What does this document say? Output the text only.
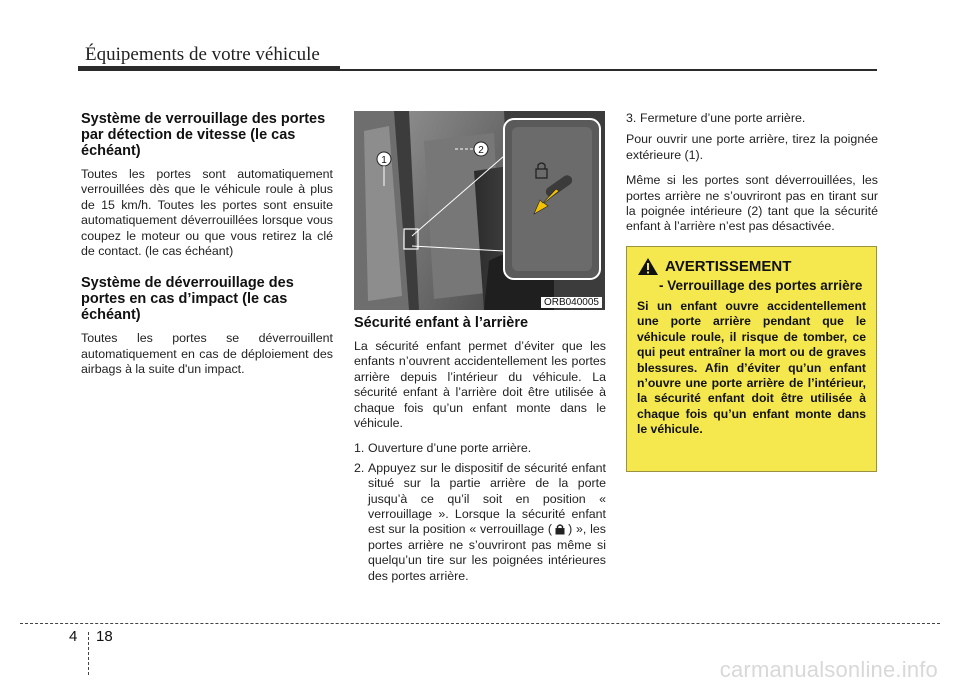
Équipements de votre véhicule
Système de verrouillage des portes par détection de vitesse (le cas échéant)

Toutes les portes sont automatiquement verrouillées dès que le véhicule roule à plus de 15 km/h. Toutes les portes sont ensuite automatiquement déverrouillées lorsque vous coupez le moteur ou que vous retirez la clé de contact. (le cas échéant)

Système de déverrouillage des portes en cas d’impact (le cas échéant)

Toutes les portes se déverrouillent automatiquement en cas de déploiement des airbags à la suite d'un impact.

1
2
ORB040005
Sécurité enfant à l’arrière

La sécurité enfant permet d’éviter que les enfants n’ouvrent accidentellement les portes arrière depuis l’intérieur du véhicule. La sécurité enfant à l’arrière doit être utilisée à chaque fois qu’un enfant monte dans le véhicule.

1. Ouverture d’une porte arrière.
2. Appuyez sur le dispositif de sécurité enfant situé sur la partie arrière de la porte jusqu’à ce qu’il soit en position « verrouillage ». Lorsque la sécurité enfant est sur la position « verrouillage ( ) », les portes arrière ne s’ouvriront pas même si quelqu’un tire sur les poignées intérieures des portes arrière.
3. Fermeture d’une porte arrière.

Pour ouvrir une porte arrière, tirez la poignée extérieure (1).

Même si les portes sont déverrouillées, les portes arrière ne s’ouvriront pas en tirant sur la poignée intérieure (2) tant que la sécurité enfant à l’arrière n’est pas désactivée.

AVERTISSEMENT
- Verrouillage des portes arrière

Si un enfant ouvre accidentellement une porte arrière pendant que le véhicule roule, il risque de tomber, ce qui peut entraîner la mort ou de graves blessures. Afin d’éviter qu’un enfant n’ouvre une porte arrière de l’intérieur, la sécurité enfant doit être utilisée à chaque fois qu’un enfant monte dans le véhicule.

4 18
carmanualsonline.info
